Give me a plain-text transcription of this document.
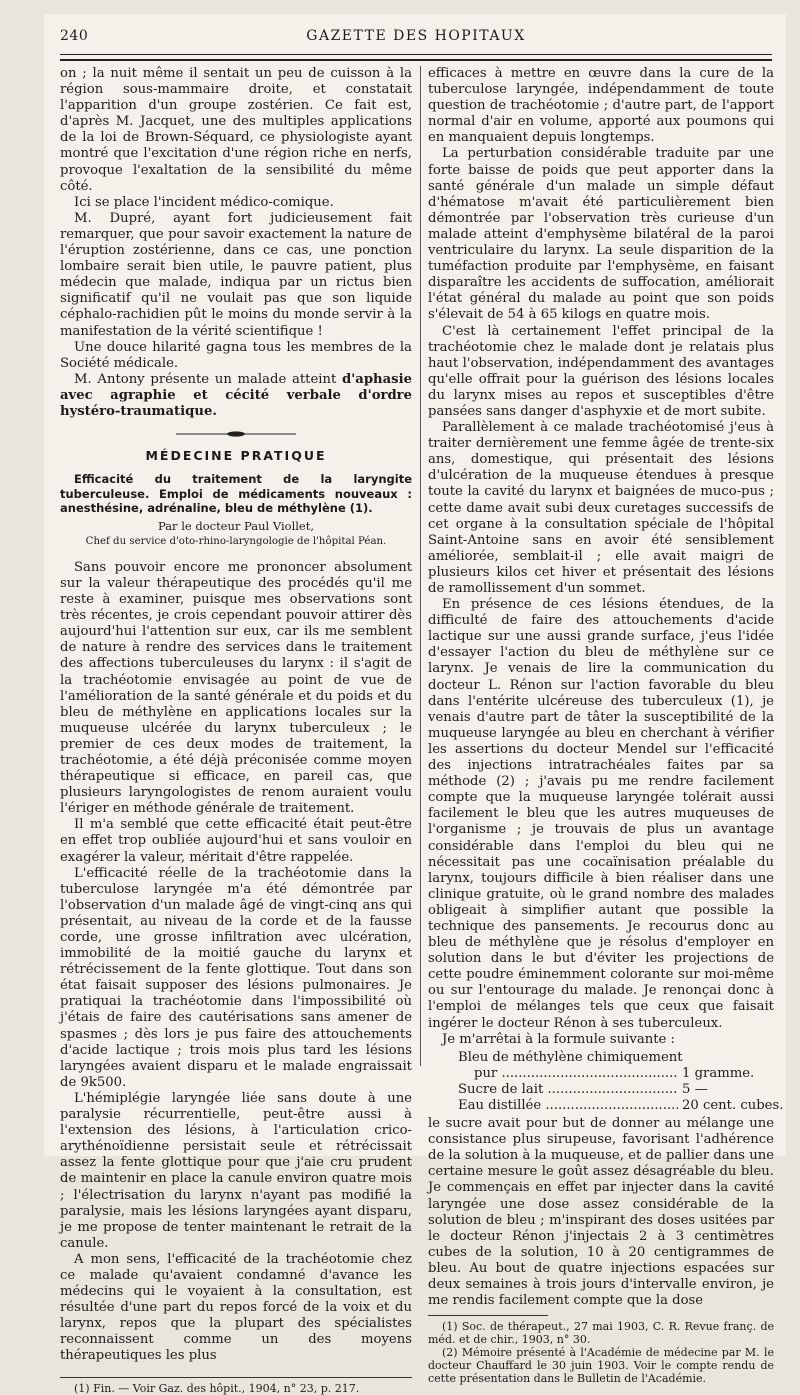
240	GAZETTE DES HOPITAUX

on ; la nuit même il sentait un peu de cuisson à la région sous-mammaire droite, et constatait l'apparition d'un groupe zostérien. Ce fait est, d'après M. Jacquet, une des multiples applications de la loi de Brown-Séquard, ce physiologiste ayant montré que l'excitation d'une région riche en nerfs, provoque l'exaltation de la sensibilité du même côté.

Ici se place l'incident médico-comique.

M. Dupré, ayant fort judicieusement fait remarquer, que pour savoir exactement la nature de l'éruption zostérienne, dans ce cas, une ponction lombaire serait bien utile, le pauvre patient, plus médecin que malade, indiqua par un rictus bien significatif qu'il ne voulait pas que son liquide céphalo-rachidien pût le moins du monde servir à la manifestation de la vérité scientifique !

Une douce hilarité gagna tous les membres de la Société médicale.

M. Antony présente un malade atteint d'aphasie avec agraphie et cécité verbale d'ordre hystéro-traumatique.

MÉDECINE PRATIQUE

Efficacité du traitement de la laryngite tuberculeuse. Emploi de médicaments nouveaux : anesthésine, adrénaline, bleu de méthylène (1).

Par le docteur Paul Viollet,
Chef du service d'oto-rhino-laryngologie de l'hôpital Péan.

Sans pouvoir encore me prononcer absolument sur la valeur thérapeutique des procédés qu'il me reste à examiner, puisque mes observations sont très récentes, je crois cependant pouvoir attirer dès aujourd'hui l'attention sur eux, car ils me semblent de nature à rendre des services dans le traitement des affections tuberculeuses du larynx : il s'agit de la trachéotomie envisagée au point de vue de l'amélioration de la santé générale et du poids et du bleu de méthylène en applications locales sur la muqueuse ulcérée du larynx tuberculeux ; le premier de ces deux modes de traitement, la trachéotomie, a été déjà préconisée comme moyen thérapeutique si efficace, en pareil cas, que plusieurs laryngologistes de renom auraient voulu l'ériger en méthode générale de traitement.

Il m'a semblé que cette efficacité était peut-être en effet trop oubliée aujourd'hui et sans vouloir en exagérer la valeur, méritait d'être rappelée.

L'efficacité réelle de la trachéotomie dans la tuberculose laryngée m'a été démontrée par l'observation d'un malade âgé de vingt-cinq ans qui présentait, au niveau de la corde et de la fausse corde, une grosse infiltration avec ulcération, immobilité de la moitié gauche du larynx et rétrécissement de la fente glottique. Tout dans son état faisait supposer des lésions pulmonaires. Je pratiquai la trachéotomie dans l'impossibilité où j'étais de faire des cautérisations sans amener de spasmes ; dès lors je pus faire des attouchements d'acide lactique ; trois mois plus tard les lésions laryngées avaient disparu et le malade engraissait de 9k500.

L'hémiplégie laryngée liée sans doute à une paralysie récurrentielle, peut-être aussi à l'extension des lésions, à l'articulation crico-arythénoïdienne persistait seule et rétrécissait assez la fente glottique pour que j'aie cru prudent de maintenir en place la canule environ quatre mois ; l'électrisation du larynx n'ayant pas modifié la paralysie, mais les lésions laryngées ayant disparu, je me propose de tenter maintenant le retrait de la canule.

A mon sens, l'efficacité de la trachéotomie chez ce malade qu'avaient condamné d'avance les médecins qui le voyaient à la consultation, est résultée d'une part du repos forcé de la voix et du larynx, repos que la plupart des spécialistes reconnaissent comme un des moyens thérapeutiques les plus

(1) Fin. — Voir Gaz. des hôpit., 1904, n° 23, p. 217.

efficaces à mettre en œuvre dans la cure de la tuberculose laryngée, indépendamment de toute question de trachéotomie ; d'autre part, de l'apport normal d'air en volume, apporté aux poumons qui en manquaient depuis longtemps.

La perturbation considérable traduite par une forte baisse de poids que peut apporter dans la santé générale d'un malade un simple défaut d'hématose m'avait été particulièrement bien démontrée par l'observation très curieuse d'un malade atteint d'emphysème bilatéral de la paroi ventriculaire du larynx. La seule disparition de la tuméfaction produite par l'emphysème, en faisant disparaître les accidents de suffocation, améliorait l'état général du malade au point que son poids s'élevait de 54 à 65 kilogs en quatre mois.

C'est là certainement l'effet principal de la trachéotomie chez le malade dont je relatais plus haut l'observation, indépendamment des avantages qu'elle offrait pour la guérison des lésions locales du larynx mises au repos et susceptibles d'être pansées sans danger d'asphyxie et de mort subite.

Parallèlement à ce malade trachéotomisé j'eus à traiter dernièrement une femme âgée de trente-six ans, domestique, qui présentait des lésions d'ulcération de la muqueuse étendues à presque toute la cavité du larynx et baignées de muco-pus ; cette dame avait subi deux curetages successifs de cet organe à la consultation spéciale de l'hôpital Saint-Antoine sans en avoir été sensiblement améliorée, semblait-il ; elle avait maigri de plusieurs kilos cet hiver et présentait des lésions de ramollissement d'un sommet.

En présence de ces lésions étendues, de la difficulté de faire des attouchements d'acide lactique sur une aussi grande surface, j'eus l'idée d'essayer l'action du bleu de méthylène sur ce larynx. Je venais de lire la communication du docteur L. Rénon sur l'action favorable du bleu dans l'entérite ulcéreuse des tuberculeux (1), je venais d'autre part de tâter la susceptibilité de la muqueuse laryngée au bleu en cherchant à vérifier les assertions du docteur Mendel sur l'efficacité des injections intratrachéales faites par sa méthode (2) ; j'avais pu me rendre facilement compte que la muqueuse laryngée tolérait aussi facilement le bleu que les autres muqueuses de l'organisme ; je trouvais de plus un avantage considérable dans l'emploi du bleu qui ne nécessitait pas une cocaïnisation préalable du larynx, toujours difficile à bien réaliser dans une clinique gratuite, où le grand nombre des malades obligeait à simplifier autant que possible la technique des pansements. Je recourus donc au bleu de méthylène que je résolus d'employer en solution dans le but d'éviter les projections de cette poudre éminemment colorante sur moi-même ou sur l'entourage du malade. Je renonçai donc à l'emploi de mélanges tels que ceux que faisait ingérer le docteur Rénon à ses tuberculeux.

Je m'arrêtai à la formule suivante :

Bleu de méthylène chimiquement
pur .....	1 gramme.
Sucre de lait .....	5 —
Eau distillée .....	20 cent. cubes.

le sucre avait pour but de donner au mélange une consistance plus sirupeuse, favorisant l'adhérence de la solution à la muqueuse, et de pallier dans une certaine mesure le goût assez désagréable du bleu. Je commençais en effet par injecter dans la cavité laryngée une dose assez considérable de la solution de bleu ; m'inspirant des doses usitées par le docteur Rénon j'injectais 2 à 3 centimètres cubes de la solution, 10 à 20 centigrammes de bleu. Au bout de quatre injections espacées sur deux semaines à trois jours d'intervalle environ, je me rendis facilement compte que la dose

(1) Soc. de thérapeut., 27 mai 1903, C. R. Revue franç. de méd. et de chir., 1903, n° 30.

(2) Mémoire présenté à l'Académie de médecine par M. le docteur Chauffard le 30 juin 1903. Voir le compte rendu de cette présentation dans le Bulletin de l'Académie.
